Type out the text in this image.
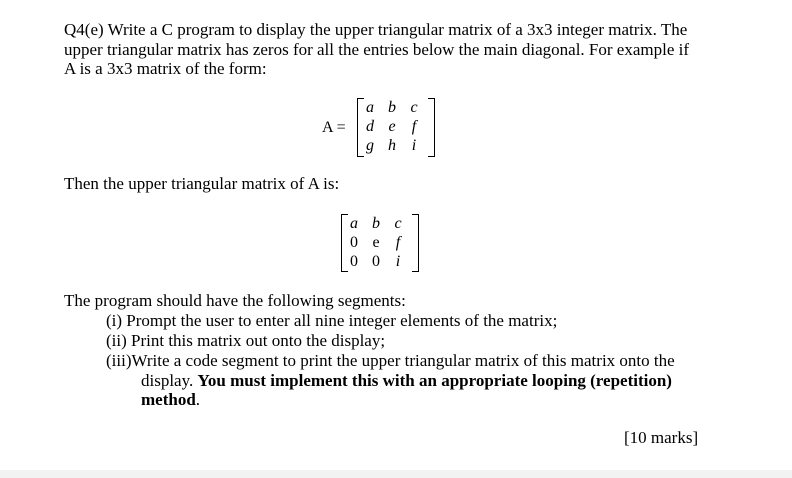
Q4(e) Write a C program to display the upper triangular matrix of a 3x3 integer matrix. The
upper triangular matrix has zeros for all the entries below the main diagonal. For example if
A is a 3x3 matrix of the form:
A =
a b c
d e	f
g h i
Then the upper triangular matrix of A is:
a b c
0 e	f
0 0 i
The program should have the following segments:
(i) Prompt the user to enter all nine integer elements of the matrix;
(ii) Print this matrix out onto the display;
(iii)Write a code segment to print the upper triangular matrix of this matrix onto the
display. You must implement this with an appropriate looping (repetition)
method.
[10 marks]
